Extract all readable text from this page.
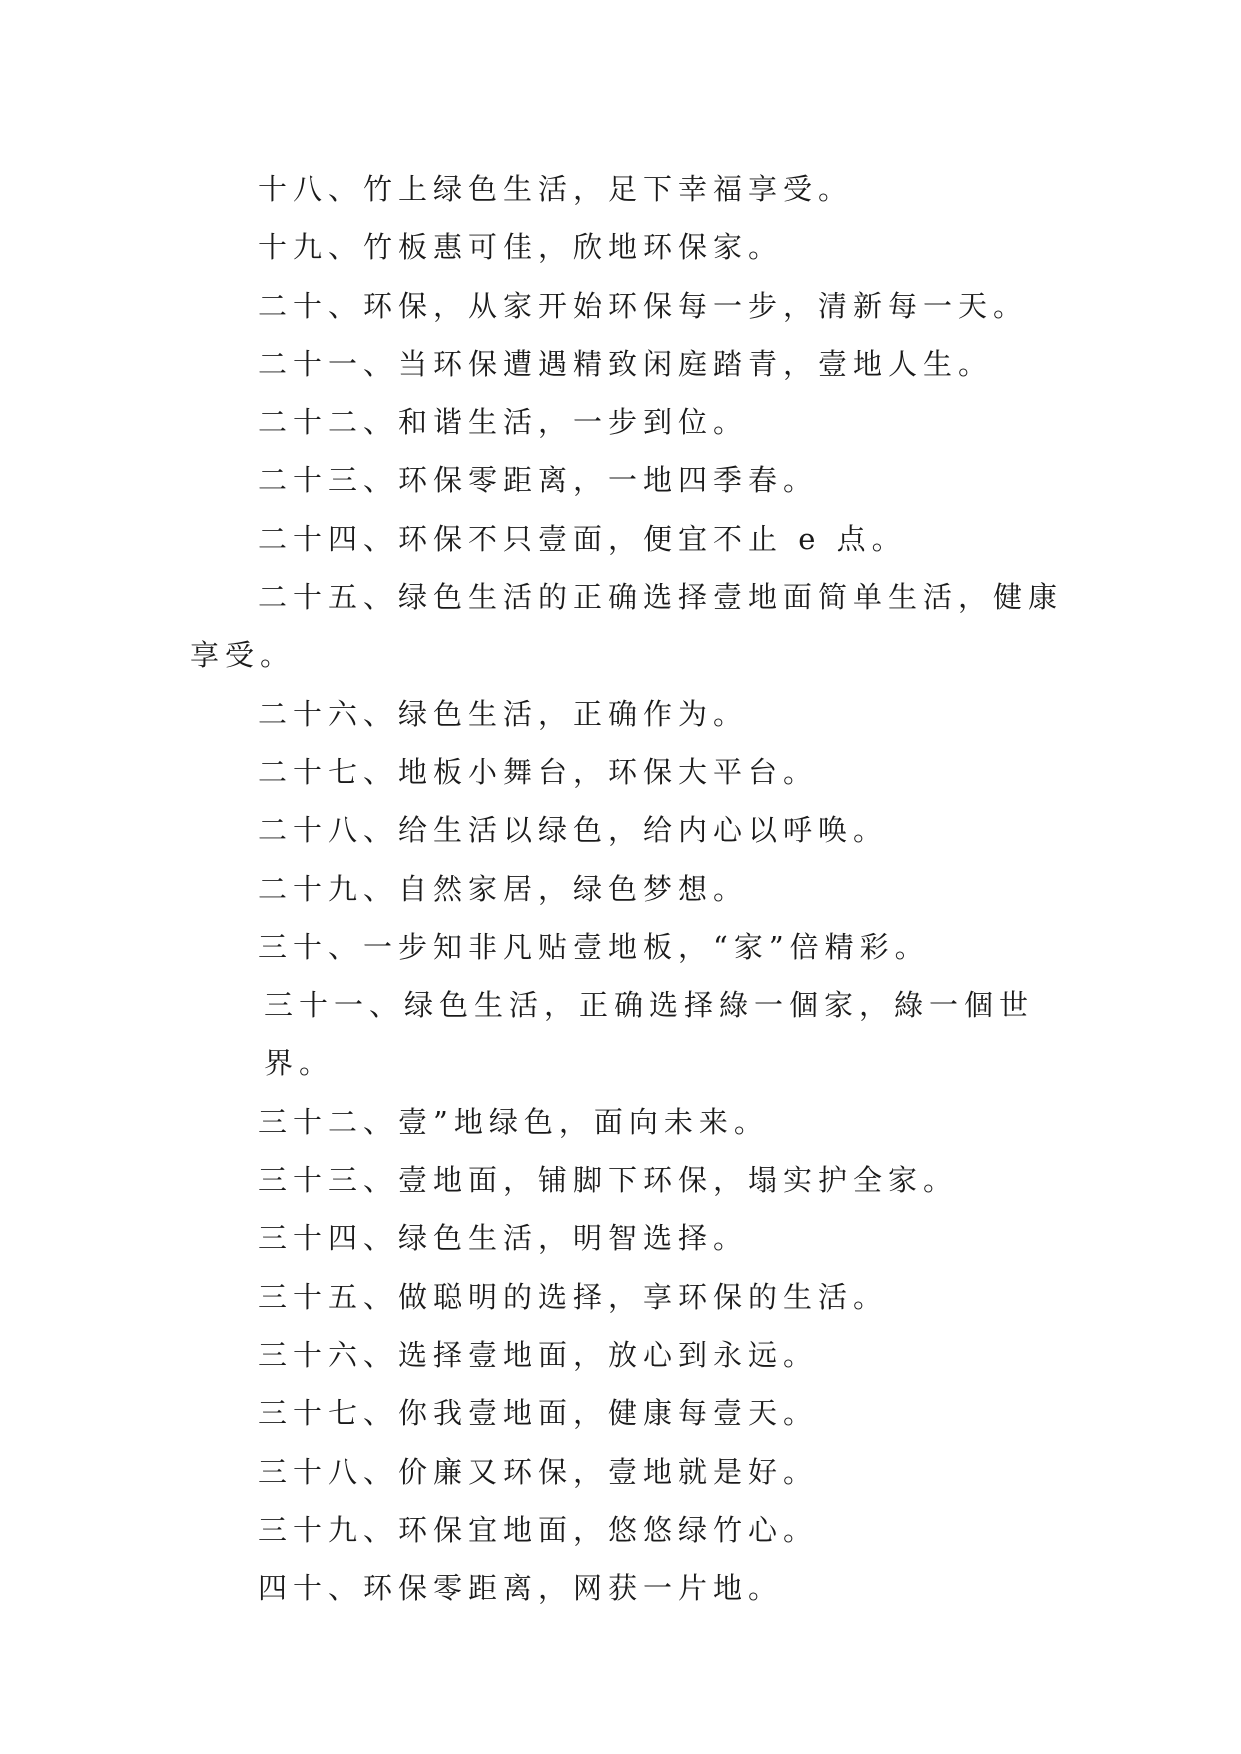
十八、竹上绿色生活，足下幸福享受。

十九、竹板惠可佳，欣地环保家。

二十、环保，从家开始环保每一步，清新每一天。

二十一、当环保遭遇精致闲庭踏青，壹地人生。

二十二、和谐生活，一步到位。

二十三、环保零距离，一地四季春。

二十四、环保不只壹面，便宜不止 e 点。

二十五、绿色生活的正确选择壹地面简单生活，健康享受。

二十六、绿色生活，正确作为。

二十七、地板小舞台，环保大平台。

二十八、给生活以绿色，给内心以呼唤。

二十九、自然家居，绿色梦想。

三十、一步知非凡贴壹地板，“家”倍精彩。

三十一、绿色生活，正确选择綠一個家，綠一個世界。

三十二、壹”地绿色，面向未来。

三十三、壹地面，铺脚下环保，塌实护全家。

三十四、绿色生活，明智选择。

三十五、做聪明的选择，享环保的生活。

三十六、选择壹地面，放心到永远。

三十七、你我壹地面，健康每壹天。

三十八、价廉又环保，壹地就是好。

三十九、环保宜地面，悠悠绿竹心。

四十、环保零距离，网获一片地。
